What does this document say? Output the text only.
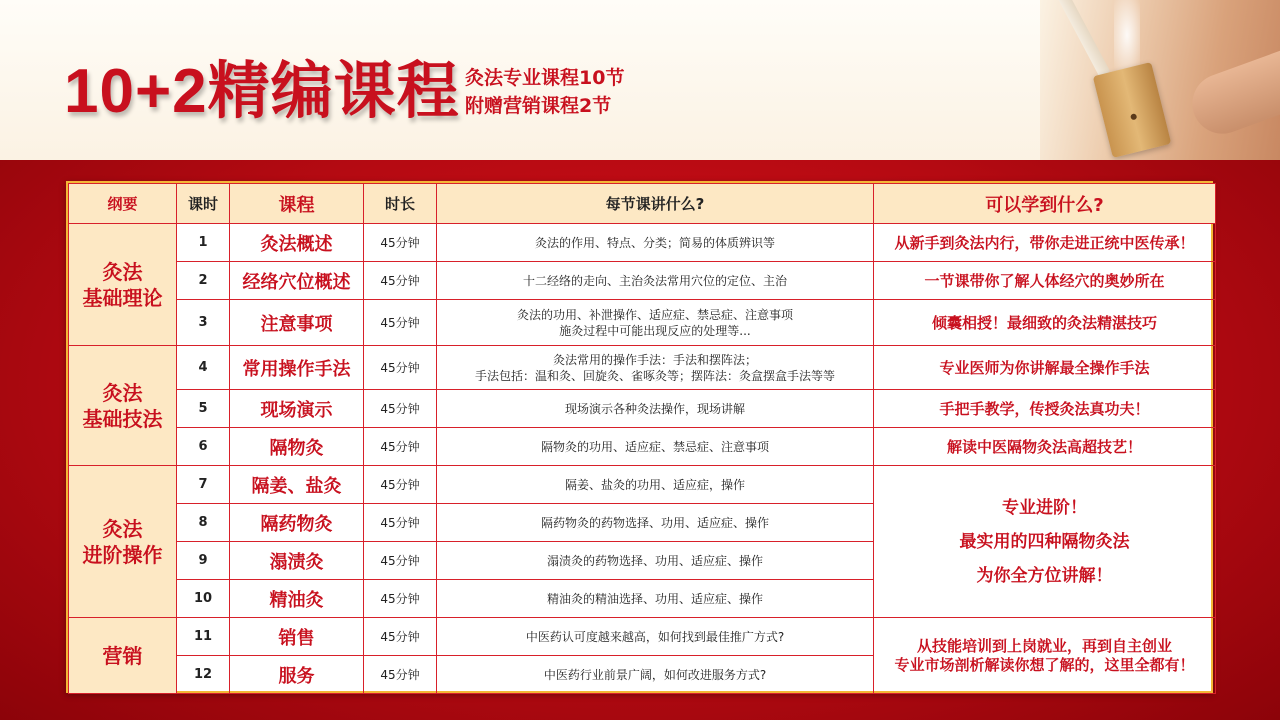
10+2精编课程 灸法专业课程10节
附赠营销课程2节
纲要	课时	课程	时长	每节课讲什么?	可以学到什么?

灸法
基础理论	1	灸法概述	45分钟	灸法的作用、特点、分类；简易的体质辨识等	从新手到灸法内行，带你走进正统中医传承！
	2	经络穴位概述	45分钟	十二经络的走向、主治灸法常用穴位的定位、主治	一节课带你了解人体经穴的奥妙所在
	3	注意事项	45分钟	灸法的功用、补泄操作、适应症、禁忌症、注意事项
施灸过程中可能出现反应的处理等...	倾囊相授！最细致的灸法精湛技巧

灸法
基础技法	4	常用操作手法	45分钟	灸法常用的操作手法：手法和摆阵法；
手法包括：温和灸、回旋灸、雀啄灸等；摆阵法：灸盒摆盒手法等等	专业医师为你讲解最全操作手法
	5	现场演示	45分钟	现场演示各种灸法操作，现场讲解	手把手教学，传授灸法真功夫！
	6	隔物灸	45分钟	隔物灸的功用、适应症、禁忌症、注意事项	解读中医隔物灸法高超技艺！

灸法
进阶操作	7	隔姜、盐灸	45分钟	隔姜、盐灸的功用、适应症，操作	专业进阶！
最实用的四种隔物灸法
为你全方位讲解！

	8	隔药物灸	45分钟	隔药物灸的药物选择、功用、适应症、操作	

	9	溻渍灸	45分钟	溻渍灸的药物选择、功用、适应症、操作	

	10	精油灸	45分钟	精油灸的精油选择、功用、适应症、操作	

营销	11	销售	45分钟	中医药认可度越来越高，如何找到最佳推广方式?	从技能培训到上岗就业，再到自主创业
专业市场剖析解读你想了解的，这里全都有！

	12	服务	45分钟	中医药行业前景广阔，如何改进服务方式?	
